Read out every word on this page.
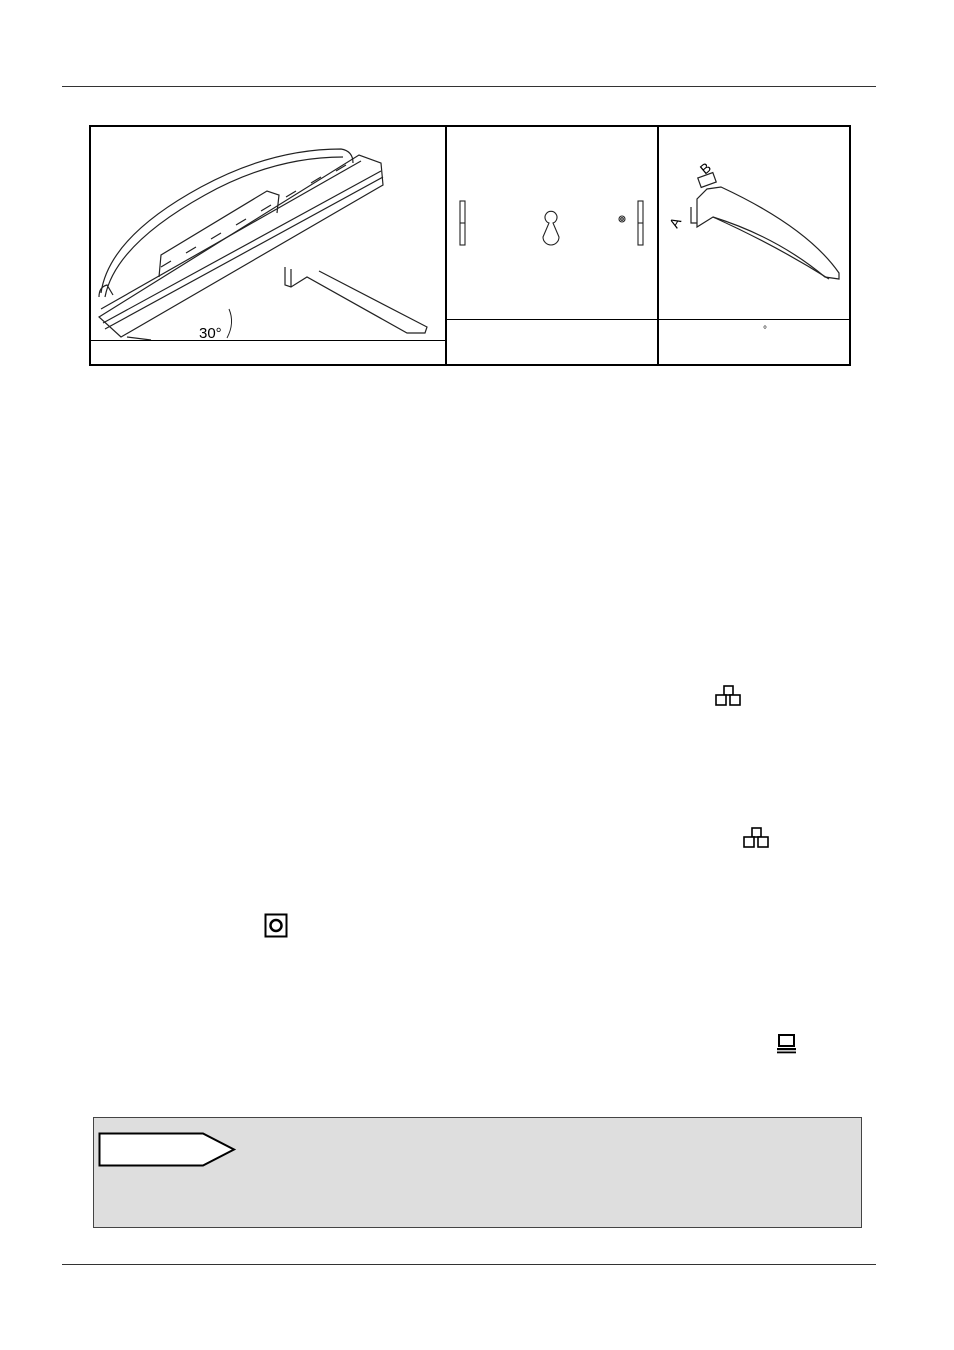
30°
A
B
°
